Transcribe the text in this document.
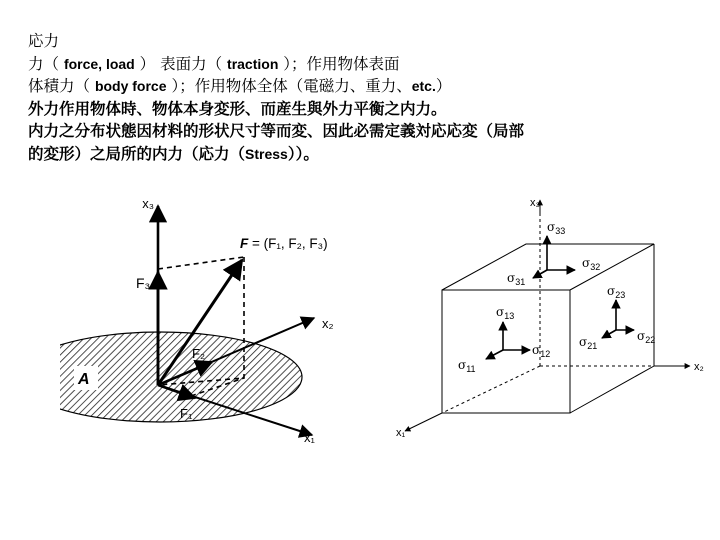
応力
力（ force, load ） 表面力（ traction ）；作用物体表面
体積力（ body force ）；作用物体全体（電磁力、重力、etc.）
外力作用物体時、物体本身変形、而産生與外力平衡之内力。
内力之分布状態因材料的形状尺寸等而変、因此必需定義対応応変（局部
的変形）之局所的内力（応力（Stress））。
x₃
x₂
x₁
F₃
F₂
F₁
A
F = (F₁, F₂, F₃)
$\sigma_{33}$
$\sigma_{32}$
$\sigma_{31}$
$\sigma_{13}$
$\sigma_{12}$
$\sigma_{11}$
$\sigma_{23}$
$\sigma_{22}$
$\sigma_{21}$
x₃
x₂
x₁
